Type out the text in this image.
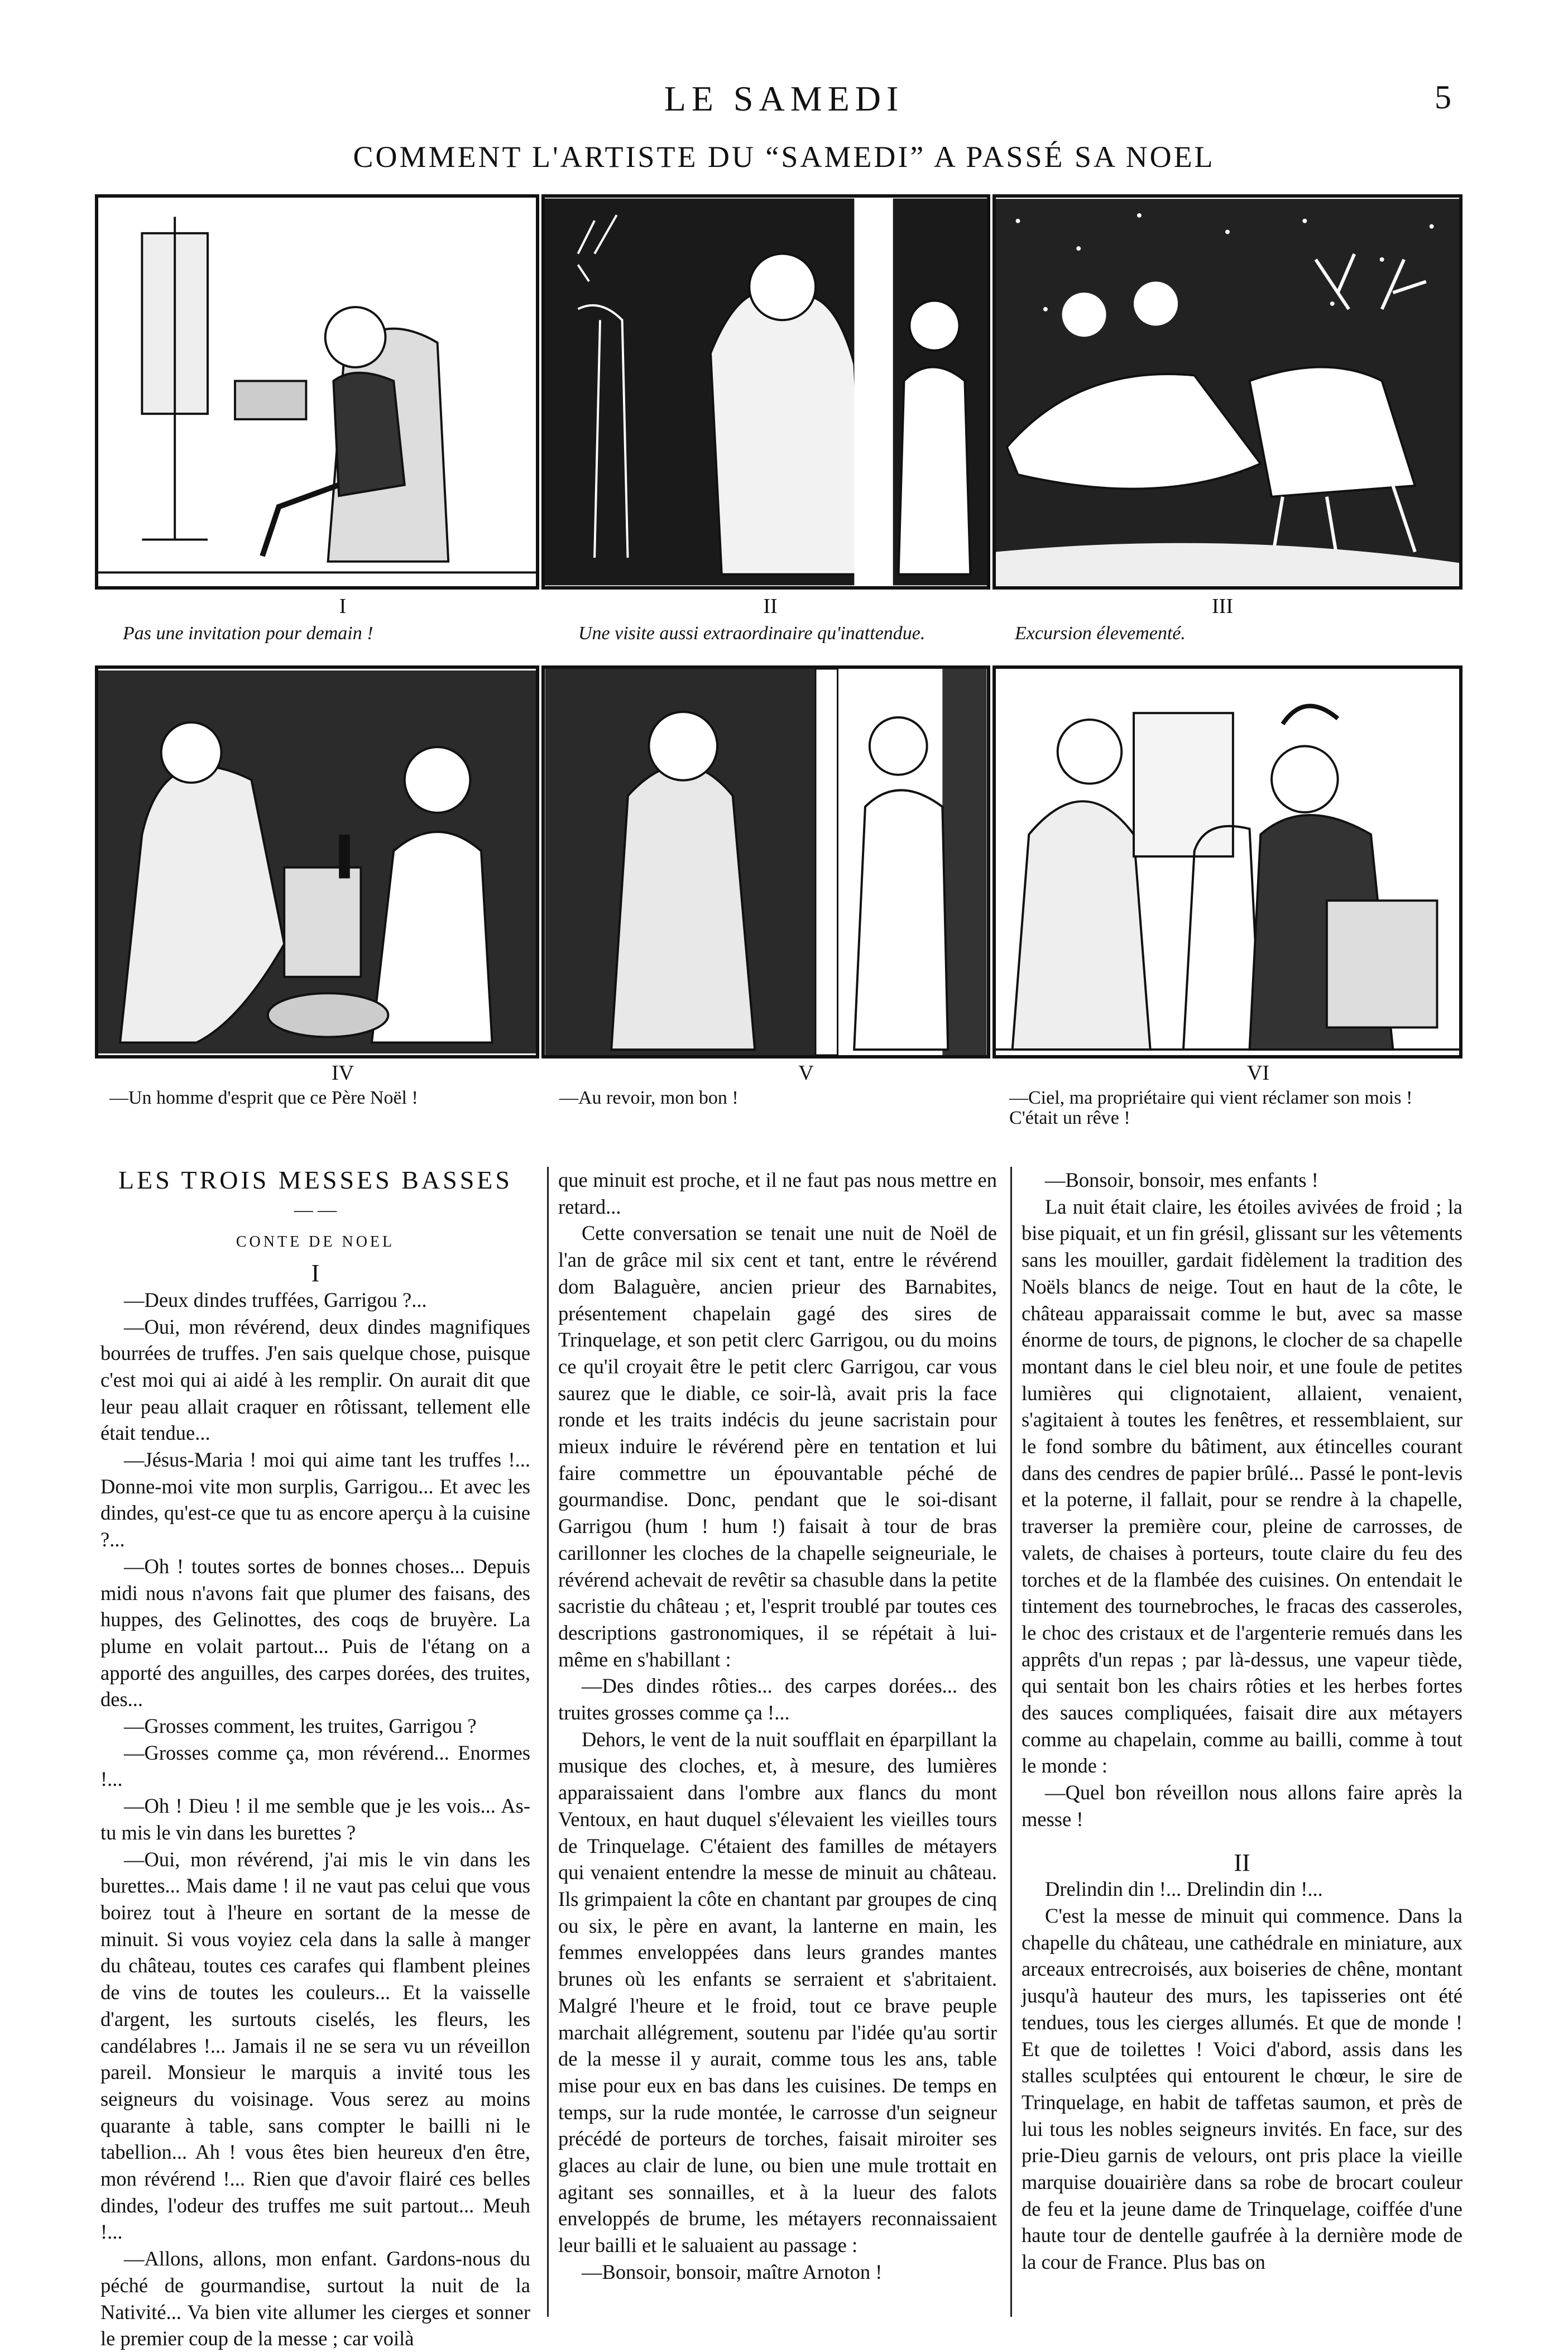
LE SAMEDI	5
COMMENT L'ARTISTE DU “SAMEDI” A PASSÉ SA NOEL
I	II	III
Pas une invitation pour demain !	Une visite aussi extraordinaire qu'inattendue.	Excursion élevementé.
IV	V	VI
—Un homme d'esprit que ce Père Noël !	—Au revoir, mon bon !	—Ciel, ma propriétaire qui vient réclamer son mois !
C'était un rêve !
LES TROIS MESSES BASSES
— —
CONTE DE NOEL

I

—Deux dindes truffées, Garrigou ?...

—Oui, mon révérend, deux dindes magnifiques bourrées de truffes. J'en sais quelque chose, puisque c'est moi qui ai aidé à les remplir. On aurait dit que leur peau allait craquer en rôtissant, tellement elle était tendue...

—Jésus-Maria ! moi qui aime tant les truffes !... Donne-moi vite mon surplis, Garrigou... Et avec les dindes, qu'est-ce que tu as encore aperçu à la cuisine ?...

—Oh ! toutes sortes de bonnes choses... Depuis midi nous n'avons fait que plumer des faisans, des huppes, des Gelinottes, des coqs de bruyère. La plume en volait partout... Puis de l'étang on a apporté des anguilles, des carpes dorées, des truites, des...

—Grosses comment, les truites, Garrigou ?

—Grosses comme ça, mon révérend... Enormes !...

—Oh ! Dieu ! il me semble que je les vois... As-tu mis le vin dans les burettes ?

—Oui, mon révérend, j'ai mis le vin dans les burettes... Mais dame ! il ne vaut pas celui que vous boirez tout à l'heure en sortant de la messe de minuit. Si vous voyiez cela dans la salle à manger du château, toutes ces carafes qui flambent pleines de vins de toutes les couleurs... Et la vaisselle d'argent, les surtouts ciselés, les fleurs, les candélabres !... Jamais il ne se sera vu un réveillon pareil. Monsieur le marquis a invité tous les seigneurs du voisinage. Vous serez au moins quarante à table, sans compter le bailli ni le tabellion... Ah ! vous êtes bien heureux d'en être, mon révérend !... Rien que d'avoir flairé ces belles dindes, l'odeur des truffes me suit partout... Meuh !...

—Allons, allons, mon enfant. Gardons-nous du péché de gourmandise, surtout la nuit de la Nativité... Va bien vite allumer les cierges et sonner le premier coup de la messe ; car voilà

que minuit est proche, et il ne faut pas nous mettre en retard...

Cette conversation se tenait une nuit de Noël de l'an de grâce mil six cent et tant, entre le révérend dom Balaguère, ancien prieur des Barnabites, présentement chapelain gagé des sires de Trinquelage, et son petit clerc Garrigou, ou du moins ce qu'il croyait être le petit clerc Garrigou, car vous saurez que le diable, ce soir-là, avait pris la face ronde et les traits indécis du jeune sacristain pour mieux induire le révérend père en tentation et lui faire commettre un épouvantable péché de gourmandise. Donc, pendant que le soi-disant Garrigou (hum ! hum !) faisait à tour de bras carillonner les cloches de la chapelle seigneuriale, le révérend achevait de revêtir sa chasuble dans la petite sacristie du château ; et, l'esprit troublé par toutes ces descriptions gastronomiques, il se répétait à lui-même en s'habillant :

—Des dindes rôties... des carpes dorées... des truites grosses comme ça !...

Dehors, le vent de la nuit soufflait en éparpillant la musique des cloches, et, à mesure, des lumières apparaissaient dans l'ombre aux flancs du mont Ventoux, en haut duquel s'élevaient les vieilles tours de Trinquelage. C'étaient des familles de métayers qui venaient entendre la messe de minuit au château. Ils grimpaient la côte en chantant par groupes de cinq ou six, le père en avant, la lanterne en main, les femmes enveloppées dans leurs grandes mantes brunes où les enfants se serraient et s'abritaient. Malgré l'heure et le froid, tout ce brave peuple marchait allégrement, soutenu par l'idée qu'au sortir de la messe il y aurait, comme tous les ans, table mise pour eux en bas dans les cuisines. De temps en temps, sur la rude montée, le carrosse d'un seigneur précédé de porteurs de torches, faisait miroiter ses glaces au clair de lune, ou bien une mule trottait en agitant ses sonnailles, et à la lueur des falots enveloppés de brume, les métayers reconnaissaient leur bailli et le saluaient au passage :

—Bonsoir, bonsoir, maître Arnoton !

—Bonsoir, bonsoir, mes enfants !

La nuit était claire, les étoiles avivées de froid ; la bise piquait, et un fin grésil, glissant sur les vêtements sans les mouiller, gardait fidèlement la tradition des Noëls blancs de neige. Tout en haut de la côte, le château apparaissait comme le but, avec sa masse énorme de tours, de pignons, le clocher de sa chapelle montant dans le ciel bleu noir, et une foule de petites lumières qui clignotaient, allaient, venaient, s'agitaient à toutes les fenêtres, et ressemblaient, sur le fond sombre du bâtiment, aux étincelles courant dans des cendres de papier brûlé... Passé le pont-levis et la poterne, il fallait, pour se rendre à la chapelle, traverser la première cour, pleine de carrosses, de valets, de chaises à porteurs, toute claire du feu des torches et de la flambée des cuisines. On entendait le tintement des tournebroches, le fracas des casseroles, le choc des cristaux et de l'argenterie remués dans les apprêts d'un repas ; par là-dessus, une vapeur tiède, qui sentait bon les chairs rôties et les herbes fortes des sauces compliquées, faisait dire aux métayers comme au chapelain, comme au bailli, comme à tout le monde :

—Quel bon réveillon nous allons faire après la messe !

II

Drelindin din !... Drelindin din !...

C'est la messe de minuit qui commence. Dans la chapelle du château, une cathédrale en miniature, aux arceaux entrecroisés, aux boiseries de chêne, montant jusqu'à hauteur des murs, les tapisseries ont été tendues, tous les cierges allumés. Et que de monde ! Et que de toilettes ! Voici d'abord, assis dans les stalles sculptées qui entourent le chœur, le sire de Trinquelage, en habit de taffetas saumon, et près de lui tous les nobles seigneurs invités. En face, sur des prie-Dieu garnis de velours, ont pris place la vieille marquise douairière dans sa robe de brocart couleur de feu et la jeune dame de Trinquelage, coiffée d'une haute tour de dentelle gaufrée à la dernière mode de la cour de France. Plus bas on
